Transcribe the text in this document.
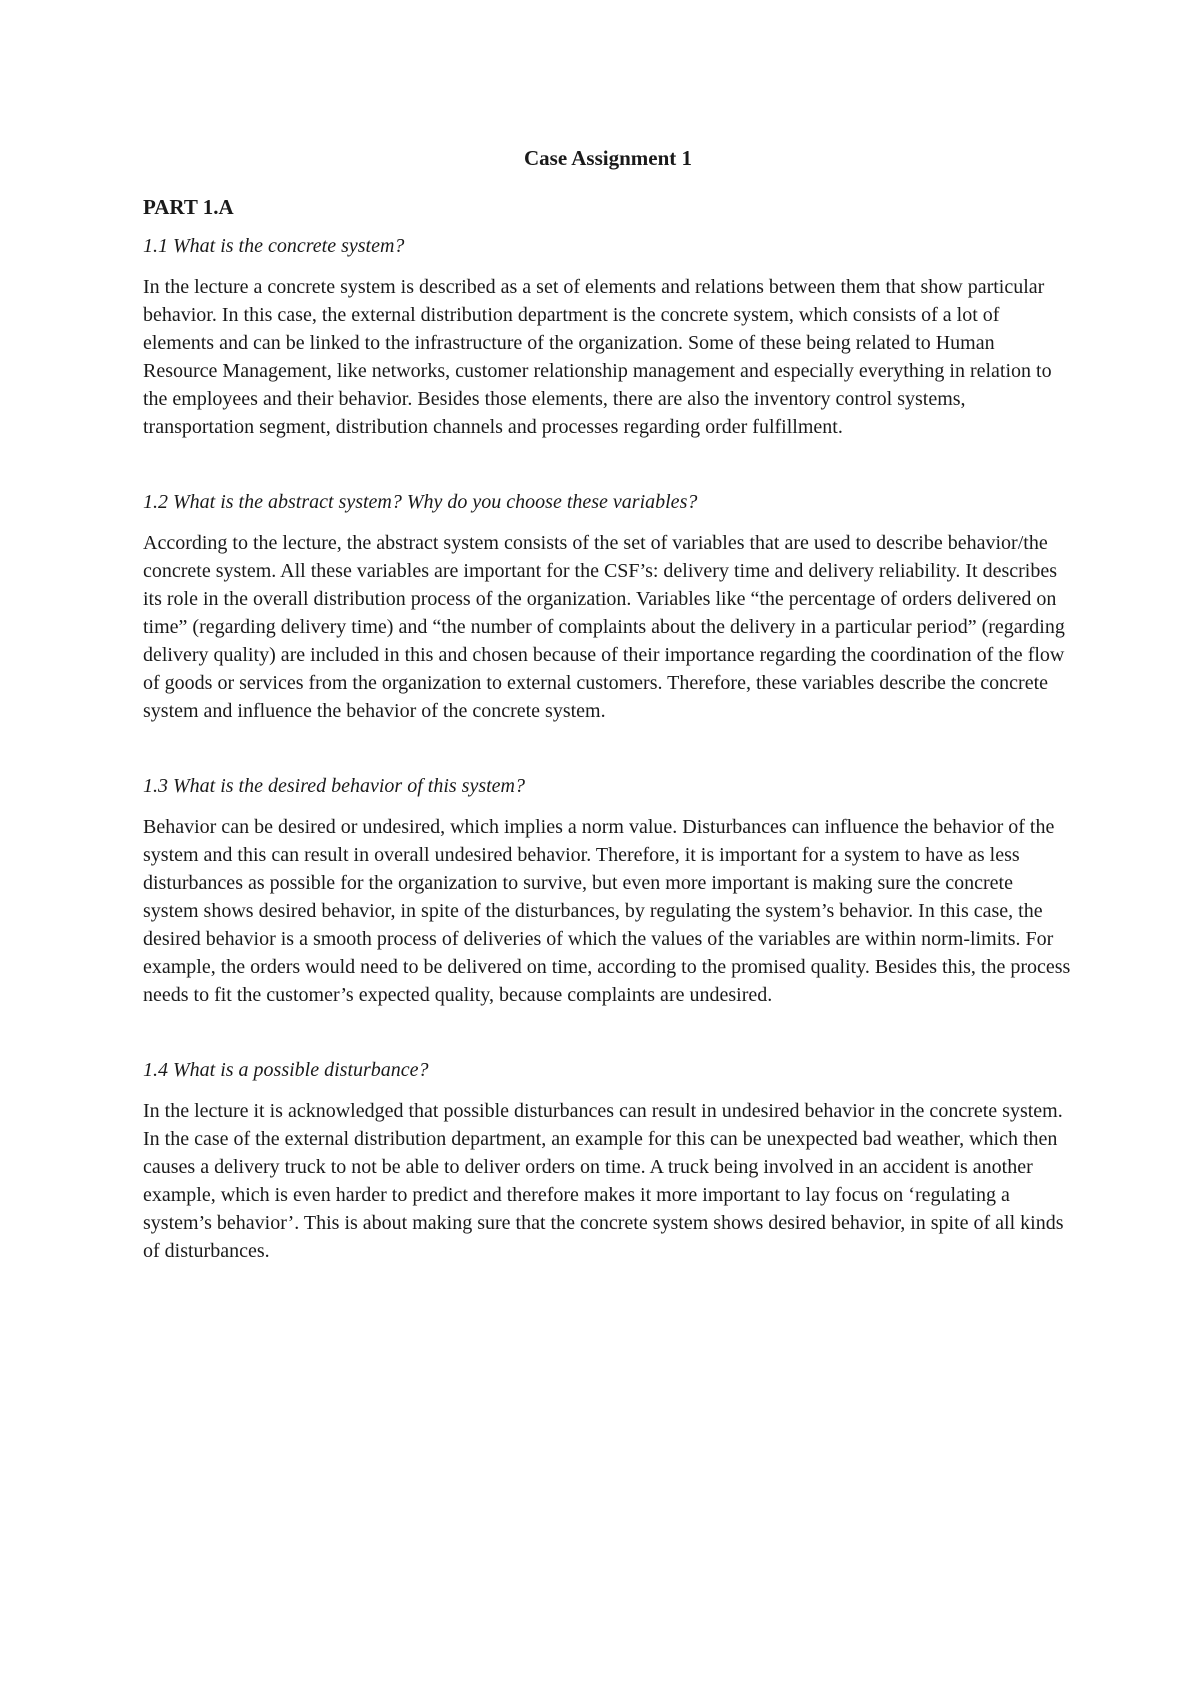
Case Assignment 1
PART 1.A

1.1 What is the concrete system?

In the lecture a concrete system is described as a set of elements and relations between them that show particular behavior. In this case, the external distribution department is the concrete system, which consists of a lot of elements and can be linked to the infrastructure of the organization. Some of these being related to Human Resource Management, like networks, customer relationship management and especially everything in relation to the employees and their behavior. Besides those elements, there are also the inventory control systems, transportation segment, distribution channels and processes regarding order fulfillment.

1.2 What is the abstract system? Why do you choose these variables?

According to the lecture, the abstract system consists of the set of variables that are used to describe behavior/the concrete system. All these variables are important for the CSF’s: delivery time and delivery reliability. It describes its role in the overall distribution process of the organization. Variables like “the percentage of orders delivered on time” (regarding delivery time) and “the number of complaints about the delivery in a particular period” (regarding delivery quality) are included in this and chosen because of their importance regarding the coordination of the flow of goods or services from the organization to external customers. Therefore, these variables describe the concrete system and influence the behavior of the concrete system.

1.3 What is the desired behavior of this system?

Behavior can be desired or undesired, which implies a norm value. Disturbances can influence the behavior of the system and this can result in overall undesired behavior. Therefore, it is important for a system to have as less disturbances as possible for the organization to survive, but even more important is making sure the concrete system shows desired behavior, in spite of the disturbances, by regulating the system’s behavior. In this case, the desired behavior is a smooth process of deliveries of which the values of the variables are within norm-limits. For example, the orders would need to be delivered on time, according to the promised quality. Besides this, the process needs to fit the customer’s expected quality, because complaints are undesired.

1.4 What is a possible disturbance?

In the lecture it is acknowledged that possible disturbances can result in undesired behavior in the concrete system. In the case of the external distribution department, an example for this can be unexpected bad weather, which then causes a delivery truck to not be able to deliver orders on time. A truck being involved in an accident is another example, which is even harder to predict and therefore makes it more important to lay focus on ‘regulating a system’s behavior’. This is about making sure that the concrete system shows desired behavior, in spite of all kinds of disturbances.
